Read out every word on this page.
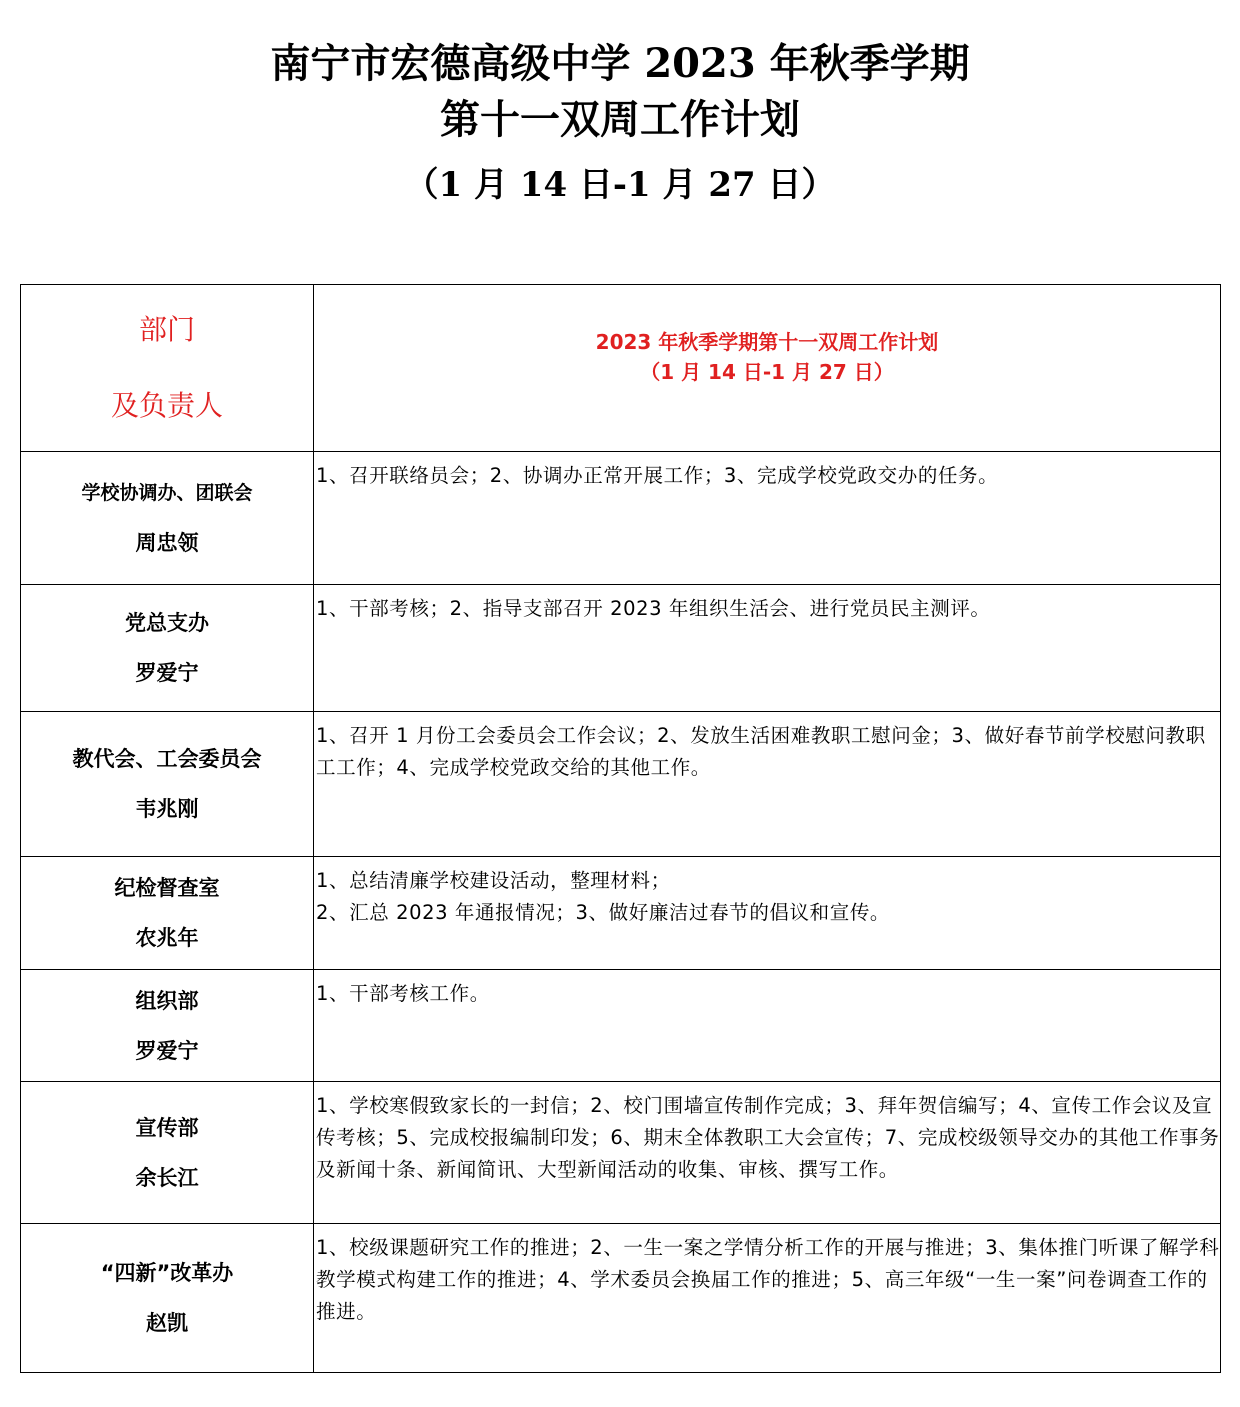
南宁市宏德高级中学 2023 年秋季学期

第十一双周工作计划

（1 月 14 日-1 月 27 日）

部门
及负责人	2023 年秋季学期第十一双周工作计划
（1 月 14 日-1 月 27 日）

学校协调办、团联会
周忠领	1、召开联络员会；2、协调办正常开展工作；3、完成学校党政交办的任务。

党总支办
罗爱宁	1、干部考核；2、指导支部召开 2023 年组织生活会、进行党员民主测评。

教代会、工会委员会
韦兆刚	1、召开 1 月份工会委员会工作会议；2、发放生活困难教职工慰问金；3、做好春节前学校慰问教职工工作；4、完成学校党政交给的其他工作。

纪检督查室
农兆年	1、总结清廉学校建设活动，整理材料；
2、汇总 2023 年通报情况；3、做好廉洁过春节的倡议和宣传。

组织部
罗爱宁	1、干部考核工作。

宣传部
余长江	1、学校寒假致家长的一封信；2、校门围墙宣传制作完成；3、拜年贺信编写；4、宣传工作会议及宣传考核；5、完成校报编制印发；6、期末全体教职工大会宣传；7、完成校级领导交办的其他工作事务及新闻十条、新闻简讯、大型新闻活动的收集、审核、撰写工作。

“四新”改革办
赵凯	1、校级课题研究工作的推进；2、一生一案之学情分析工作的开展与推进；3、集体推门听课了解学科教学模式构建工作的推进；4、学术委员会换届工作的推进；5、高三年级“一生一案”问卷调查工作的推进。
